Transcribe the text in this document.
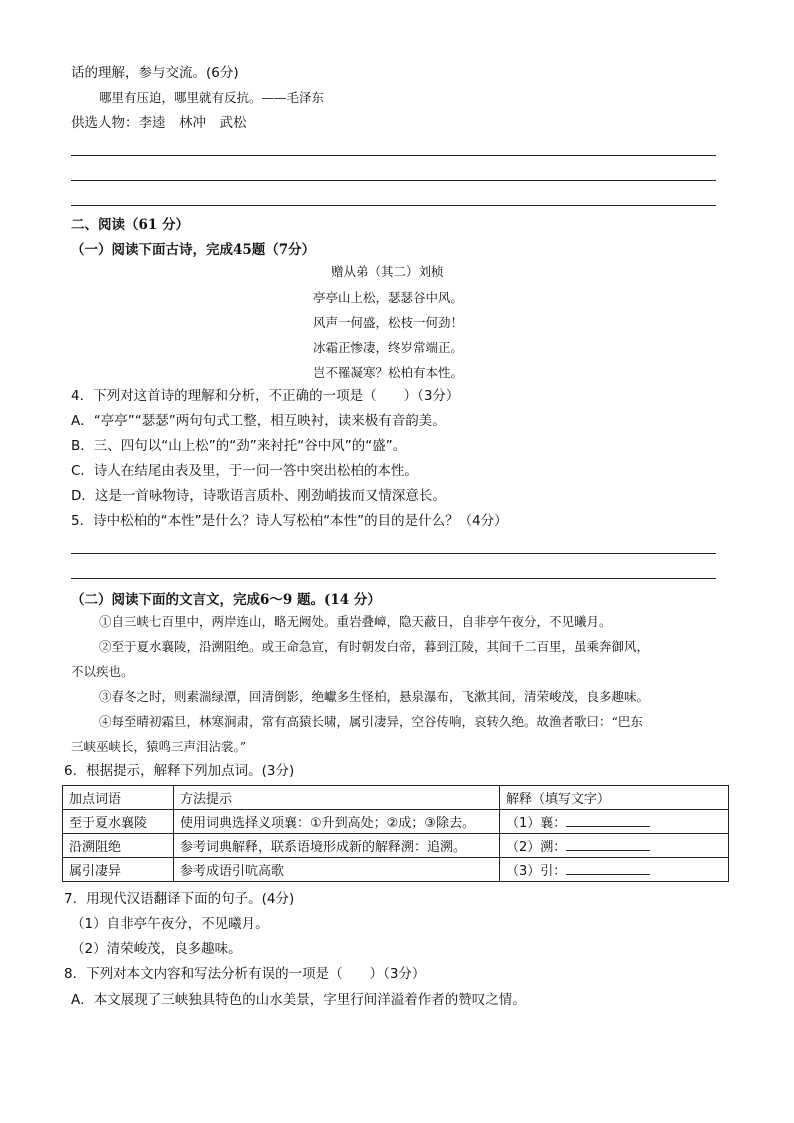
话的理解，参与交流。(6分)
哪里有压迫，哪里就有反抗。——毛泽东
供选人物：李逵　林冲　武松
二、阅读（61 分）
（一）阅读下面古诗，完成45题（7分）
赠从弟（其二）刘桢
亭亭山上松，瑟瑟谷中风。
风声一何盛，松枝一何劲！
冰霜正惨凄，终岁常端正。
岂不罹凝寒？松柏有本性。
4．下列对这首诗的理解和分析，不正确的一项是（　　）（3分）
A．“亭亭”“瑟瑟”两句句式工整，相互映衬，读来极有音韵美。
B．三、四句以“山上松”的“劲”来衬托“谷中风”的“盛”。
C．诗人在结尾由表及里，于一问一答中突出松柏的本性。
D．这是一首咏物诗，诗歌语言质朴、刚劲峭拔而又情深意长。
5．诗中松柏的“本性”是什么？诗人写松柏“本性”的目的是什么？（4分）
（二）阅读下面的文言文，完成6～9 题。(14 分）
①自三峡七百里中，两岸连山，略无阙处。重岩叠嶂，隐天蔽日，自非亭午夜分，不见曦月。
②至于夏水襄陵，沿溯阻绝。或王命急宣，有时朝发白帝，暮到江陵，其间千二百里，虽乘奔御风，
不以疾也。
③春冬之时，则素湍绿潭，回清倒影，绝巘多生怪柏，悬泉瀑布，飞漱其间，清荣峻茂，良多趣味。
④每至晴初霜旦，林寒涧肃，常有高猿长啸，属引凄异，空谷传响，哀转久绝。故渔者歌曰：“巴东
三峡巫峡长，猿鸣三声泪沾裳。”
6．根据提示，解释下列加点词。(3分)
加点词语	方法提示	解释（填写文字）
至于夏水襄陵	使用词典选择义项襄：①升到高处；②成；③除去。	（1）襄：
沿溯阻绝	参考词典解释，联系语境形成新的解释溯：追溯。	（2）溯：
属引凄异	参考成语引吭高歌	（3）引：
7．用现代汉语翻译下面的句子。(4分)
（1）自非亭午夜分，不见曦月。
（2）清荣峻茂，良多趣味。
8．下列对本文内容和写法分析有误的一项是（　　）（3分）
A．本文展现了三峡独具特色的山水美景，字里行间洋溢着作者的赞叹之情。
